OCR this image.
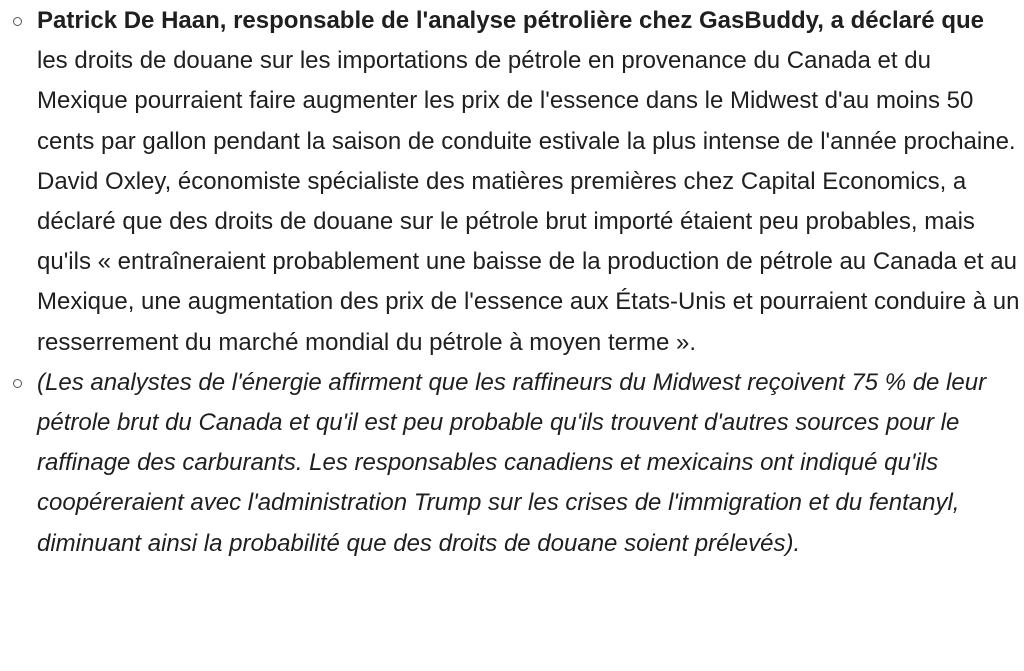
Patrick De Haan, responsable de l'analyse pétrolière chez GasBuddy, a déclaré que
les droits de douane sur les importations de pétrole en provenance du Canada et du Mexique pourraient faire augmenter les prix de l'essence dans le Midwest d'au moins 50 cents par gallon pendant la saison de conduite estivale la plus intense de l'année prochaine. David Oxley, économiste spécialiste des matières premières chez Capital Economics, a déclaré que des droits de douane sur le pétrole brut importé étaient peu probables, mais qu'ils « entraîneraient probablement une baisse de la production de pétrole au Canada et au Mexique, une augmentation des prix de l'essence aux États-Unis et pourraient conduire à un resserrement du marché mondial du pétrole à moyen terme ».
(Les analystes de l'énergie affirment que les raffineurs du Midwest reçoivent 75 % de leur pétrole brut du Canada et qu'il est peu probable qu'ils trouvent d'autres sources pour le raffinage des carburants. Les responsables canadiens et mexicains ont indiqué qu'ils coopéreraient avec l'administration Trump sur les crises de l'immigration et du fentanyl, diminuant ainsi la probabilité que des droits de douane soient prélevés).
